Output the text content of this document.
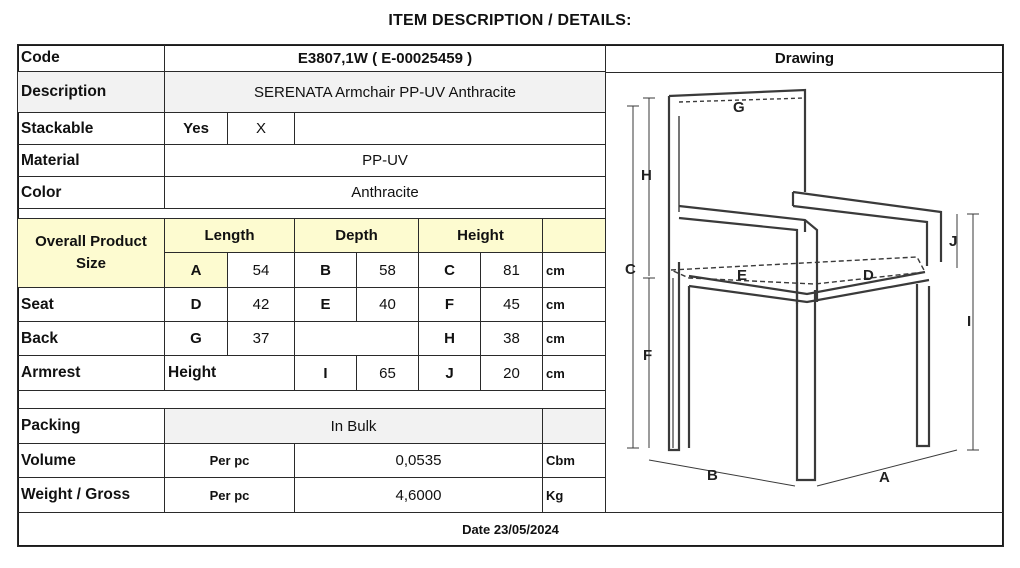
ITEM DESCRIPTION / DETAILS:
Code	E3807,1W ( E-00025459 )	Drawing
Description	SERENATA Armchair PP-UV Anthracite
Stackable	Yes	X
Material	PP-UV
Color	Anthracite
Overall Product Size
Length	Depth	Height
A	54	B	58	C	81	cm
Seat	D	42	E	40	F	45	cm
Back	G	37	H	38	cm
Armrest	Height	I	65	J	20	cm
Packing	In Bulk
Volume	Per pc	0,0535	Cbm
Weight / Gross	Per pc	4,6000	Kg
Date 23/05/2024
G
H
C	E	D
J
I
F
B	A
